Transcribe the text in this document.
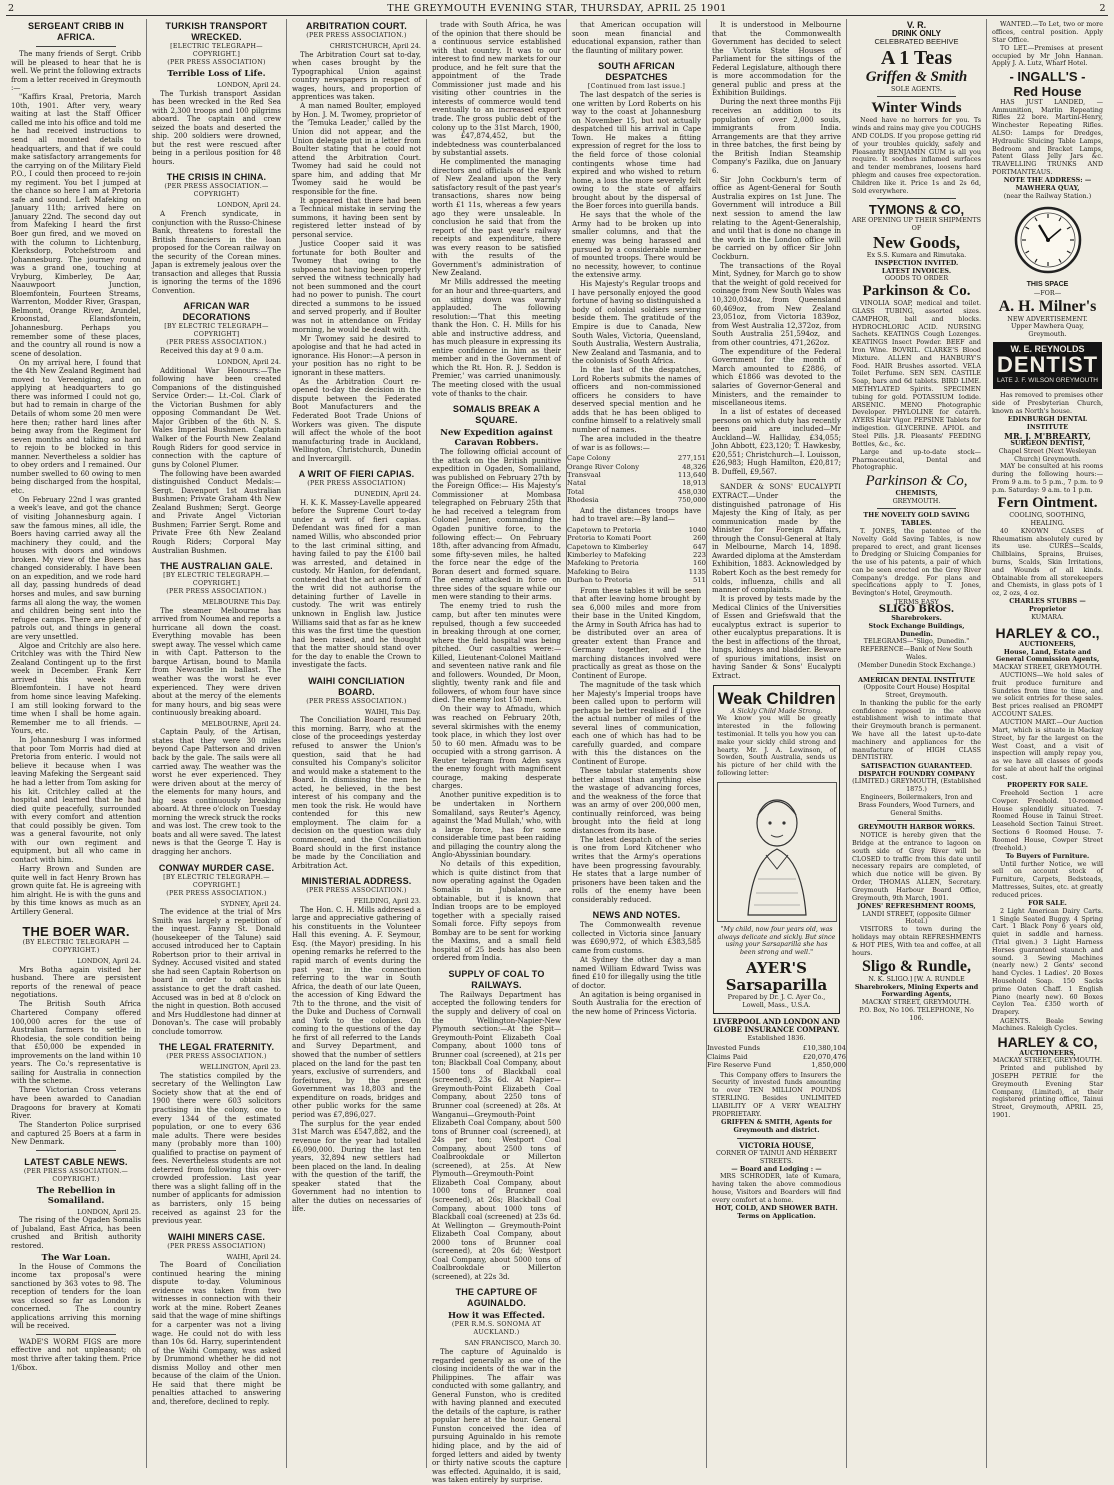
2	THE GREYMOUTH EVENING STAR, THURSDAY, APRIL 25 1901	2
SERGEANT CRIBB IN AFRICA.

The many friends of Sergt. Cribb will be pleased to hear that he is well. We print the following extracts from a letter received in Greymouth :—

"Kaffirs Kraal, Pretoria, March 10th, 1901. After very, weary waiting at last the Staff Officer called me into his office and told me he had received instructions to send all mounted details to headquarters, and that if we could make satisfactory arrangements for the carrying on of the Military Field P.O., I could then proceed to re-join my regiment. You bet I jumped at the chance so here I am at Pretoria safe and sound. Left Mafeking on January 11th; arrived here on January 22nd. The second day out from Mafeking I heard the first Boer gun fired, and we moved on with the column to Lichtenburg, Klerksdorp, Potchefstroom and Johannesburg. The journey round was a grand one, touching at Vryburg, Kimberley, De Aar, Naauwpoort Junction, Bloemfontein, Fourteen Streams, Warrenton, Modder River, Graspan, Belmont, Orange River, Arundel, Kroonstad, Elandsfontein, Johannesburg. Perhaps you remember some of these places, and the country all round is now a scene of desolation.

On my arrival here, I found that the 4th New Zealand Regiment had moved to Vereeniging, and on applying at headquarters to go there was informed I could not go, but had to remain in charge of the Details of whom some 20 men were here then; rather hard lines after being away from the Regiment for seven months and talking so hard to rejoin to be blocked in this manner. Nevertheless a soldier has to obey orders and I remained. Our number swelled to 60 owing to men being discharged from the hospital, etc.

On February 22nd I was granted a week's leave, and got the chance of visiting Johannesburg again. I saw the famous mines, all idle, the Boers having carried away all the machinery they could, and the houses with doors and windows broken. My view of the Boers has changed considerably. I have been on an expedition, and we rode hard all day, passing hundreds of dead horses and mules, and saw burning farms all along the way, the women and children being sent into the refugee camps. There are plenty of patrols out, and things in general are very unsettled.

Algoe and Critchly are also here. Critchley was with the Third New Zealand Contingent up to the first week in December. Frank Kerr arrived this week from Bloemfontein. I have not heard from home since leaving Mafeking. I am still looking forward to the time when I shall be home again. Remember me to all friends. — Yours, etc.

In Johannesburg I was informed that poor Tom Morris had died at Pretoria from enteric. I would not believe it because when I was leaving Mafeking the Sergeant said he had a letter from Tom asking for his kit. Critchley called at the hospital and learned that he had died quite peacefully, surrounded with every comfort and attention that could possibly be given. Tom was a general favourite, not only with our own regiment and equipment, but all who came in contact with him.

Harry Brown and Sunden are quite well in fact Henry Brown has grown quite fat. He is agreeing with him alright. He is with the guns and by this time knows as much as an Artillery General.

THE BOER WAR.
(BY ELECTRIC TELEGRAPH — COPYRIGHT.)
LONDON, April 24.

Mrs Botha again visited her husband. There are persistent reports of the renewal of peace negotiations.

The British South Africa Chartered Company offered 100,000 acres for the use of Australian farmers to settle in Rhodesia, the sole condition being that £50,000 be expended in improvements on the land within 10 years. The Co.'s representative is sailing for Australia in connection with the scheme.

Three Victorian Cross veterans have been awarded to Canadian Dragoons for bravery at Komati River.

The Standerton Police surprised and captured 25 Boers at a farm in New Denmark.

LATEST CABLE NEWS.
(PER PRESS ASSOCIATION.—COPYRIGHT.)
The Rebellion in Somaliland.
LONDON, April 25.

The rising of the Ogaden Somalis of Jubaland, East Africa, has been crushed and British authority restored.

The War Loan.

In the House of Commons the income tax proposal's were sanctioned by 363 votes to 98. The reception of tenders for the loan was closed so far as London is concerned. The country applications arriving this morning will be received.

WADE'S WORM FIGS are more effective and not unpleasant; oh most thrive after taking them. Price 1/6box.

TURKISH TRANSPORT WRECKED.
[ELECTRIC TELEGRAPH—COPYRIGHT.]
(PER PRESS ASSOCIATION)
Terrible Loss of Life.
LONDON, April 24.

The Turkish transport Assidan has been wrecked in the Red Sea with 2,300 troops and 100 pilgrims aboard. The captain and crew seized the boats and deserted the ship. 200 soldiers were drowned, but the rest were rescued after being in a perilous position for 48 hours.

THE CRISIS IN CHINA.
(PER PRESS ASSOCIATION.—COPYRIGHT)
LONDON, April 24.

A French syndicate, in conjunction with the Russo-Chinese Bank, threatens to forestall the British financiers in the loan proposed for the Corean railway on the security of the Corean mines. Japan is extremely jealous over the transaction and alleges that Russia is ignoring the terms of the 1896 Convention.

AFRICAN WAR DECORATIONS
[BY ELECTRIC TELEGRAPH—COPYRIGHT]
(PER PRESS ASSOCIATION.)

Received this day at 9 0 a.m.

LONDON, April 24.

Additional War Honours:—The following have been created Companions of the distinguished Service Order:— Lt.-Col. Clark of the Victorian Bushmen for ably opposing Commandant De Wet. Major Gribben of the 6th N. S. Wales Imperial Bushmen. Captain Walker of the Fourth New Zealand Rough Riders for good service in connection with the capture of guns by Colonel Plumer.

The following have been awarded distinguished Conduct Medals:— Sergt. Davenport 1st Australian Bushmen; Private Graham 4th New Zealand Bushmen; Sergt. George and Private Angel Victorian Bushmen; Farrier Sergt. Rome and Private Free 6th New Zealand Rough Riders; Corporal May Australian Bushmen.

THE AUSTRALIAN GALE.
[BY ELECTRIC TELEGRAPH.—COPYRIGHT.]
(PER PRESS ASSOCIATION.)
MELBOURNE This Day.

The steamer Melbourne has arrived from Noumea and reports a hurricane all down the coast. Everything movable has been swept away. The vessel which came in with Capt. Patterson to the barque Artisan, bound to Manila from Newcastle in ballast. The weather was the worst he ever experienced. They were driven about at the mercy of the elements for many hours, and big seas were continuously breaking aboard.

MELBOURNE, April 24.

Captain Pauly, of the Artisan, states that they were 30 miles beyond Cape Patterson and driven back by the gale. The sails were all carried away. The weather was the worst he ever experienced. They were driven about at the mercy of the elements for many hours, and big seas continuously breaking aboard. At three o'clock on Tuesday morning the wreck struck the rocks and was lost. The crew took to the boats and all were saved. The latest news is that the George T. Hay is dragging her anchors.

CONWAY MURDER CASE.
[BY ELECTRIC TELEGRAPH.—COPYRIGHT.]
(PER PRESS ASSOCIATION.)
SYDNEY, April 24.

The evidence at the trial of Mrs Smith was largely a repetition of the inquest. Fanny St. Donald (housekeeper of the Talune) said accused introduced her to Captain Robertson prior to their arrival in Sydney. Accused visited and stated she had seen Captain Robertson on board in order to obtain his assistance to get the draft cashed. Accused was in bed at 8 o'clock on the night in question. Both accused and Mrs Huddlestone had dinner at Donovan's. The case will probably conclude tomorrow.

THE LEGAL FRATERNITY.
(PER PRESS ASSOCIATION.)
WELLINGTON, April 23.

The statistics compiled by the secretary of the Wellington Law Society show that at the end of 1900 there were 603 solicitors practising in the colony, one to every 1344 of the estimated population, or one to every 636 male adults. There were besides many (probably more than 100) qualified to practise on payment of fees. Nevertheless students are not deterred from following this over-crowded profession. Last year there was a slight falling off in the number of applicants for admission as barristers, only 15 being received as against 23 for the previous year.

WAIHI MINERS CASE.
(PER PRESS ASSOCIATION)
WAIHI, April 24.

The Board of Conciliation continued hearing the mining dispute to-day. Voluminous evidence was taken from two witnesses in connection with their work at the mine. Robert Zeanes said that the wage of mine shiftings for a carpenter was not a living wage. He could not do with less than 10s 6d. Harry, superintendent of the Waihi Company, was asked by Drummond whether he did not dismiss Molloy and other men because of the claim of the Union. He said that there might be penalties attached to answering and, therefore, declined to reply.

ARBITRATION COURT.
(PER PRESS ASSOCIATION.)
CHRISTCHURCH, April 24.

The Arbitration Court sat to-day, when cases brought by the Typographical Union against country newspapers in respect of wages, hours, and proportion of apprentices was taken.

A man named Boulter, employed by Hon. J. M. Twomey, proprietor of the 'Temuka Leader,' called by the Union did not appear, and the Union delegate put in a letter from Boulter stating that he could not attend the Arbitration Court. Twomey had said he could not spare him, and adding that Mr Twomey said he would be responsible for the fine.

It appeared that there had been a Technical mistake in serving the summons, it having been sent by registered letter instead of by personal service.

Justice Cooper said it was fortunate for both Boulter and Twomey that owing to the subpoena not having been properly served the witness technically had not been summoned and the court had no power to punish. The court directed a summons to be issued and served properly, and if Boulter was not in attendance on Friday morning, he would be dealt with.

Mr Twomey said he desired to apologise and that he had acted in ignorance. His Honor:—A person in your position has no right to be ignorant in these matters.

As the Arbitration Court re-opened to-day the decision in the dispute between the Federated Boot Manufacturers and the Federated Boot Trade Unions of Workers was given. The dispute will affect the whole of the boot manufacturing trade in Auckland, Wellington, Christchurch, Dunedin and Invercargill.

A WRIT OF FIERI CAPIAS.
(PER PRESS ASSOCIATION)
DUNEDIN, April 24.

H. K. K. Massey-Lavelle appeared before the Supreme Court to-day under a writ of fieri capias. Defendant was fined for a man named Willis, who absconded prior to the last criminal sitting, and having failed to pay the £100 bail was arrested, and detained in custody. Mr Hanlon, for defendant, contended that the act and form of the writ did not authorise the detaining further of Lavelle in custody. The writ was entirely unknown in English law. Justice Williams said that as far as he knew this was the first time the question had been raised, and he thought that the matter should stand over for the day to enable the Crown to investigate the facts.

WAIHI CONCILIATION BOARD.
(PER PRESS ASSOCIATION.)
WAIHI, This Day.

The Conciliation Board resumed this morning. Barry, who at the close of the proceedings yesterday refused to answer the Union's question, said that he had consulted his Company's solicitor and would make a statement to the Board. In dismissing the men he acted, he believed, in the best interest of his company and the men took the risk. He would have contended for this new employment. The claim for a decision on the question was duly commenced, and the Conciliation Board should in the first instance be made by the Conciliation and Arbitration Act.

MINISTERIAL ADDRESS.
(PER PRESS ASSOCIATION.)
FEILDING, April 23.

The Hon. C. H. Mills addressed a large and appreciative gathering of his constituents in the Volunteer Hall this evening. A. F. Seymour, Esq. (the Mayor) presiding. In his opening remarks he referred to the rapid march of events during the past year, in the connection referring to the war in South Africa, the death of our late Queen, the accession of King Edward the 7th to the throne, and the visit of the Duke and Duchess of Cornwall and York to the colonies. On coming to the questions of the day he first of all referred to the Lands and Survey Department, and showed that the number of settlers placed on the land for the past ten years, exclusive of surrenders, and forfeitures, by the present Government was 18,803 and the expenditure on roads, bridges and other public works for the same period was £7,896,027.

The surplus for the year ended 31st March was £547,882, and the revenue for the year had totalled £6,090,000. During the last ten years, 32,894 new settlers had been placed on the land. In dealing with the question of the tariff, the speaker stated that the Government had no intention to alter the duties on necessaries of life.

trade with South Africa, he was of the opinion that there should be a continuous service established with that country. It was to our interest to find new markets for our produce, and he felt sure that the appointment of the Trade Commissioner just made and his visiting other countries in the interests of commerce would tend eventually to an increased export trade. The gross public debt of the colony up to the 31st March, 1900, was £47,874,452, but the indebtedness was counterbalanced by substantial assets.

He complimented the managing directors and officials of the Bank of New Zealand upon the very satisfactory result of the past year's transactions, shares now being worth £1 11s, whereas a few years ago they were unsaleable. In conclusion he said that from the report of the past year's railway receipts and expenditure, there was every reason to be satisfied with the results of the Government's administration of New Zealand.

Mr Mills addressed the meeting for an hour and three-quarters, and on sitting down was warmly applauded. The following resolution:—'That this meeting thank the Hon. C. H. Mills for his able and instructive address, and has much pleasure in expressing its entire confidence in him as their member and in the Government of which the Rt. Hon. R. J. Seddon is Premier,' was carried unanimously. The meeting closed with the usual vote of thanks to the chair.

SOMALIS BREAK A SQUARE.
New Expedition against Caravan Robbers.

The following official account of the attack on the British punitive expedition in Ogaden, Somaliland, was published on February 27th by the Foreign Office:— His Majesty's Commissioner at Mombasa telegraphed on February 25th that he had received a telegram from Colonel Jenner, commanding the Ogaden punitive force, to the following effect:— On February 18th, after advancing from Afmadu, some fifty-seven miles, he halted the force near the edge of the Boran desert and formed square. The enemy attacked in force on three sides of the square while our men were standing to their arms.

The enemy tried to rush the camp, but after ten minutes were repulsed, though a few succeeded in breaking through at one corner, where the field hospital was being pitched. Our casualties were:—Killed, Lieutenant-Colonel Maitland and seventeen native rank and file and followers. Wounded, Dr Moon, slightly, twenty rank and file and followers, of whom four have since died. The enemy lost 150 men.

On their way to Afmadu, which was reached on February 20th, several skirmishes with the enemy took place, in which they lost over 50 to 60 men. Afmadu was to be occupied with a strong garrison. A Reuter telegram from Aden says the enemy fought with magnificent courage, making desperate charges.

Another punitive expedition is to be undertaken in Northern Somaliland, says Reuter's Agency, against the 'Mad Mullah,' who, with a large force, has for some considerable time past been raiding and pillaging the country along the Anglo-Abyssinian boundary.

No details of this expedition, which is quite distinct from that now operating against the Ogaden Somalis in Jubaland, are obtainable, but it is known that Indian troops are to be employed together with a specially raised Somali force. Fifty sepoys from Bombay are to be sent for working the Maxims, and a small field hospital of 25 beds has also been ordered from India.

SUPPLY OF COAL TO RAILWAYS.

The Railways Department has accepted the following tenders for the supply and delivery of coal on the Wellington-Napier-New Plymouth section:—At the Spit—Greymouth-Point Elizabeth Coal Company, about 1000 tons of Brunner coal (screened), at 21s per ton; Blackball Coal Company, about 1500 tons of Blackball coal (screened), 23s 6d. At Napier—Greymouth-Point Elizabeth Coal Company, about 2250 tons of Brunner coal (screened) at 28s. At Wanganui—Greymouth-Point Elizabeth Coal Company, about 500 tons of Brunner coal (screened), at 24s per ton; Westport Coal Company, about 2500 tons of Coalbrookdale or Millerton (screened), at 25s. At New Plymouth—Greymouth-Point Elizabeth Coal Company, about 1000 tons of Brunner coal (screened), at 26s; Blackball Coal Company, about 1000 tons of Blackball coal (screened) at 23s 6d. At Wellington — Greymouth-Point Elizabeth Coal Company, about 2000 tons of Brunner coal (screened), at 20s 6d; Westport Coal Company, about 5000 tons of Coalbrookdale or Millerton (screened), at 22s 3d.

THE CAPTURE OF AGUINALDO.
How it was Effected.
(PER R.M.S. SONOMA AT AUCKLAND.)
SAN FRANCISCO, March 30.

The capture of Aguinaldo is regarded generally as one of the closing incidents of the war in the Philippines. The affair was conducted with some gallantry, and General Funston, who is credited with having planned and executed the details of the capture, is rather popular here at the hour. General Funston conceived the idea of pursuing Aguinaldo in his remote hiding place, and by the aid of forged letters and aided by twenty or thirty native scouts the capture was effected. Aguinaldo, it is said, was taken entirely by surprise.

that American occupation will soon mean financial and educational expansion, rather than the flaunting of military power.

SOUTH AFRICAN DESPATCHES
[Continued from last issue.]

The last despatch of the series is one written by Lord Roberts on his way to the coast at Johannesburg on November 15, but not actually despatched till his arrival in Cape Town. He makes a fitting expression of regret for the loss to the field force of those colonial contingents whose time had expired and who wished to return home, a loss the more severely felt owing to the state of affairs brought about by the dispersal of the Boer forces into guerilla bands.

He says that the whole of the Army had to be broken up into smaller columns, and that the enemy was being harassed and pursued by a considerable number of mounted troops. There would be no necessity, however, to continue the extensive army.

His Majesty's Regular troops and I have personally enjoyed the good fortune of having so distinguished a body of colonial soldiers serving beside them. The gratitude of the Empire is due to Canada, New South Wales, Victoria, Queensland, South Australia, Western Australia, New Zealand and Tasmania, and to the colonists of South Africa.

In the last of the despatches, Lord Roberts submits the names of officers and non-commissioned officers he considers to have deserved special mention and he adds that he has been obliged to confine himself to a relatively small number of names.

The area included in the theatre of war is as follows:—

Cape Colony	277,151
Orange River Colony	48,326
Transvaal	113,640
Natal	18,913
Total	458,030
Rhodesia	750,000

And the distances troops have had to travel are:—By land—

Capetown to Pretoria	1040
Pretoria to Komati Poort	260
Capetown to Kimberley	647
Kimberley to Mafeking	223
Mafeking to Pretoria	160
Mafeking to Beira	1135
Durban to Pretoria	511

From these tables it will be seen that after leaving home brought by sea 6,000 miles and more from their base in the United Kingdom, the Army in South Africa has had to be distributed over an area of greater extent than France and Germany together, and the marching distances involved were practically as great as those on the Continent of Europe.

The magnitude of the task which her Majesty's Imperial troops have been called upon to perform will perhaps be better realised if I give the actual number of miles of the several lines of communication, each one of which has had to be carefully guarded, and compare with this the distances on the Continent of Europe.

These tabular statements show better almost than anything else the wastage of advancing forces, and the weakness of the force that was an army of over 200,000 men, continually reinforced, was being brought into the field at long distances from its base.

The latest despatch of the series is one from Lord Kitchener who writes that the Army's operations have been progressing favourably. He states that a large number of prisoners have been taken and the rolls of the enemy have been considerably reduced.

NEWS AND NOTES.

The Commonwealth revenue collected in Victoria since January was £690,972, of which £383,585 came from customs.

At Sydney the other day a man named William Edward Twiss was fined £10 for illegally using the title of doctor.

An agitation is being organised in South Australia for the erection of the new home of Princess Victoria.

It is understood in Melbourne that the Commonwealth Government has decided to select the Victoria State Houses of Parliament for the sittings of the Federal Legislature, although there is more accommodation for the general public and press at the Exhibition Buildings.

During the next three months Fiji receives an addition to its population of over 2,000 souls, immigrants from India. Arrangements are that they arrive in three batches, the first being by the British Indian Steamship Company's Fazilka, due on January 6.

Sir John Cockburn's term of office as Agent-General for South Australia expires on 1st June. The Government will introduce a Bill next session to amend the law relating to the Agent-Generalship, and until that is done no change in the work in the London office will be carried on by officer Sir John Cockburn.

The transactions of the Royal Mint, Sydney, for March go to show that the weight of gold received for coinage from New South Wales was 10,320,034oz, from Queensland 60,469oz, from New Zealand 23,051oz, from Victoria 1839oz, from West Australia 12,372oz, from South Australia 251,594oz, and from other countries, 471,262oz.

The expenditure of the Federal Government for the month of March amounted to £2886, of which £1866 was devoted to the salaries of Governor-General and Ministers, and the remainder to miscellaneous items.

In a list of estates of deceased persons on which duty has recently been paid are included—Mr Auckland—W. Halliday, £34,055; John Abbott, £23,120; T. Hawkesby, £20,551; Christchurch—I. Louisson, £26,983; Hugh Hamilton, £20,817; B. Duffell, £9,567.

SANDER & SONS' EUCALYPTI EXTRACT.—Under the distinguished patronage of His Majesty the King of Italy, as per communication made by the Minister for Foreign Affairs, through the Consul-General at Italy in Melbourne, March 14, 1898. Awarded diploma at the Amsterdam Exhibition, 1883. Acknowledged by Robert Koch as the best remedy for colds, influenza, chills and all manner of complaints.

It is proved by tests made by the Medical Clinics of the Universities of Essen and Griefswald that the eucalyptus extract is superior to other eucalyptus preparations. It is the best in affections of the throat, lungs, kidneys and bladder. Beware of spurious imitations, insist on having Sander & Sons' Eucalypti Extract.

Weak Children
A Sickly Child Made Strong.
We know you will be greatly interested in the following testimonial. It tells you how you can make your sickly child strong and hearty. Mr. J. A. Lewinson, of Sowden, South Australia, sends us his picture of her child with the following letter:
"My child, now four years old, was always delicate and sickly. But since using your Sarsaparilla she has been strong and well."
AYER'S Sarsaparilla
Prepared by Dr. J. C. Ayer Co., Lowell, Mass., U.S.A.
LIVERPOOL AND LONDON AND GLOBE INSURANCE COMPANY.
Established 1836.
Invested Funds	£10,380,104
Claims Paid	£20,070,476
Fire Reserve Fund	1,850,000

This Company offers to Insurers the Security of invested funds amounting to over TEN MILLION POUNDS STERLING. Besides UNLIMITED LIABILITY OF A VERY WEALTHY PROPRIETARY.

GRIFFEN & SMITH, Agents for Greymouth and district.
VICTORIA HOUSE,
CORNER OF TAINUI AND HERBERT STREETS.
— Board and Lodging : —

MRS SCHRODER, late of Kumara, having taken the above commodious house, Visitors and Boarders will find every comfort at a home.

HOT, COLD, AND SHOWER BATH. Terms on Application.
V. R.
DRINK ONLY
CELEBRATED BEEHIVE
A 1 Teas
Griffen & Smith
SOLE AGENTS.
Winter Winds

Need have no horrors for you. Ts winds and rains may give you COUGHS AND COLDS. If you propose getting rid of your troubles quickly, safely and Pleasantly BENJAMIN GUM is all you require. It soothes inflamed surfaces and tender membranes, loosens hard phlegm and causes free expectoration. Children like it. Price 1s and 2s 6d, Sold everywhere.

TYMONS & CO,
ARE OPENING UP THEIR SHIPMENTS OF
New Goods,
Ex S.S. Kumara and Rimutaka.
INSPECTION INVITED.
LATEST INVOICES.
GOODS TO ORDER
Parkinson & Co.

VINOLIA SOAP, medical and toilet. GLASS TUBING, assorted sizes. CAMPHOR, ball and blocks. HYDROCHLORIC ACID. NURSING Sachets. KEATINGS Cough Lozenges. KEATINGS Insect Powder. BEEF and Iron Wine. BOVRIL. CLARKE'S Blood Mixture. ALLEN and HANBURY'S Food. HAIR Brushes assorted. VELA Toilet Perfume. SEN SEN. CASTILE Soap, bars and 6d tablets. BIRD LIME. METHYLATED Spirits. SPECIMEN tubing for gold. POTASSIUM Iodide. ARSENIC. MENO Photographic Developer. PHYLOLINE for catarrh. AYERS Hair Vigor. PEPSINE Tablets for indigestion. GLYCERINE. APIOL and Steel Pills. J.R. Pleasants' FEEDING Bottles, &c., &c.

Large and up-to-date stock—Pharmaceutical, Dental and Photographic.

Parkinson & Co,
CHEMISTS,
GREYMOUTH.
THE NOVELTY GOLD SAVING TABLES.

T. JONES, the patentee of the Novelty Gold Saving Tables, is now prepared to erect, and grant licenses to Dredging or Sluicing Companies for the use of his patents, a pair of which can be seen erected on the Grey River Company's dredge. For plans and specifications apply to T. Jones, Bevington's Hotel, Greymouth.

TERMS EASY
SLIGO BROS.
Sharebrokers.
Stock Exchange Buildings, Dunedin.
TELEGRAMS—"Sligo, Dunedin." REFERENCE—Bank of New South Wales.
(Member Dunedin Stock Exchange.)
AMERICAN DENTAL INSTITUTE
(Opposite Court House) Hospital Street, Greymouth.

In thanking the public for the early confidence reposed in the above establishment wish to intimate that their Greymouth branch is permanent. We have all the latest up-to-date machinery and appliances for the manufacture of HIGH CLASS DENTISTRY.

SATISFACTION GUARANTEED.
DISPATCH FOUNDRY COMPANY
(LIMITED.) GREYMOUTH, (Established 1875.)
Engineers, Boilermakers, Iron and Brass Founders, Wood Turners, and General Smiths.
GREYMOUTH HARBOR WORKS.

NOTICE is hereby given that the Bridge at the entrance to lagoon on south side of Grey River will be CLOSED to traffic from this date until necessary repairs are completed, of which due notice will be given. By Order, THOMAS ALLEN, Secretary. Greymouth Harbour Board Office, Greymouth, 9th March, 1901.

JONES' REFRESHMENT ROOMS,
LANDI STREET, (opposite Gilmer Hotel.)

VISITORS to town during the holidays may obtain REFRESHMENTS & HOT PIES, With tea and coffee, at all hours.

Sligo & Rundle,
N. K. SLIGO.] [W. A. RUNDLE
Sharebrokers, Mining Experts and Forwarding Agents,
MACKAY STREET, GREYMOUTH.
P.O. Box, No 106. TELEPHONE, No 106.

WANTED.—To Let, two or more offices, central position. Apply Star Office.

TO LET.—Premises at present occupied by Mr John Hannan. Apply J. A. Lutz, Wharf Hotel.

- INGALL'S -
Red House

HAS JUST LANDED, — Ammunition, Marlin Repeating Rifles 22 bore. Martini-Henry, Winchester Repeating Rifles. ALSO: Lamps for Dredges, Hydraulic Sluicing Table Lamps, Bedroom and Bracket Lamps, Patent Glass Jelly Jars &c. TRAVELLING TRUNKS AND PORTMANTEAUS.

NOTE THE ADDRESS: — MAWHERA QUAY,
(near the Railway Station.)
THIS SPACE
—FOR—
A. H. Milner's
NEW ADVERTISEMENT.
Upper Mawhera Quay, Greymouth.
W. E. REYNOLDS
DENTIST
LATE J. F. WILSON GREYMOUTH

Has removed to premises other side of Presbyterian Church, known as North's house.

EDINBURGH DENTAL INSTITUTE
MR. J. M'BREARTY,
SURGEON DENTIST,
Chapel Street (Next Wesleyan Church) Greymouth.

MAY be consulted at his rooms during the following hours:—From 9 a.m. to 5 p.m., 7 p.m. to 9 p.m. Saturday: 9 a.m. to 1 p.m.

Fern Ointment.
COOLING, SOOTHING, HEALING.

40 KNOWN CASES of Rheumatism absolutely cured by its use. CURES—Scalds, Chilblains, Sprains, Bruises, burns, Scalds, Skin Irritations, and Wounds of all kinds. Obtainable from all storekeepers and Chemists, in glass pots of 1 oz, 2 ozs, 4 oz.

CHARLES STUBBS — Proprietor
KUMARA.
HARLEY & CO.,
AUCTIONEERS,
House, Land, Estate and General Commission Agents,
MACKAY STREET, GREYMOUTH.

AUCTIONS—We hold sales of fruit produce furniture and Sundries from time to time, and we solicit entries for these sales. Best prices realised an PROMPT ACCOUNT SALES.

AUCTION MART.—Our Auction Mart, which is situate in Mackay Street, by far the largest on the West Coast, and a visit of inspection will amply repay you, as we have all classes of goods for sale at about half the original cost.

PROPERTY FOR SALE.

Freehold Section 1 acre Cowper. Freehold. 10-roomed House splendidly situated. 7-Roomed House in Tainui Street. Leasehold Section Tainui Street. Sections 6 Roomed House. 7-Roomed House, Cowper Street (freehold.)

To Buyers of Furniture.

Until further Notice, we will sell on account stock of Furniture, Carpets, Bedsteads, Mattresses, Suites, etc. at greatly reduced prices.

FOR SALE.

2 Light American Dairy Carts. 1 Single Seated Buggy. 4 Spring Cart. 1 Black Pony 6 years old, quiet in saddle and harness. (Trial given.) 3 Light Harness Horses guaranteed staunch and sound. 3 Sewing Machines (nearly new.) 2 Gents' second hand Cycles. 1 Ladies'. 20 Boxes Household Soap. 150 Sacks prime Oaten Chaff. 1 English Piano (nearly new). 60 Boxes Ceylon Tea. £350 worth of Drapery.

AGENTS. Beale Sewing Machines. Raleigh Cycles.

HARLEY & CO,
AUCTIONEERS,
MACKAY STREET, GREYMOUTH.

Printed and published by JOSEPH PETRIE for the Greymouth Evening Star Company, (Limited), at their registered printing office, Tainui Street, Greymouth, APRIL 25, 1901.
